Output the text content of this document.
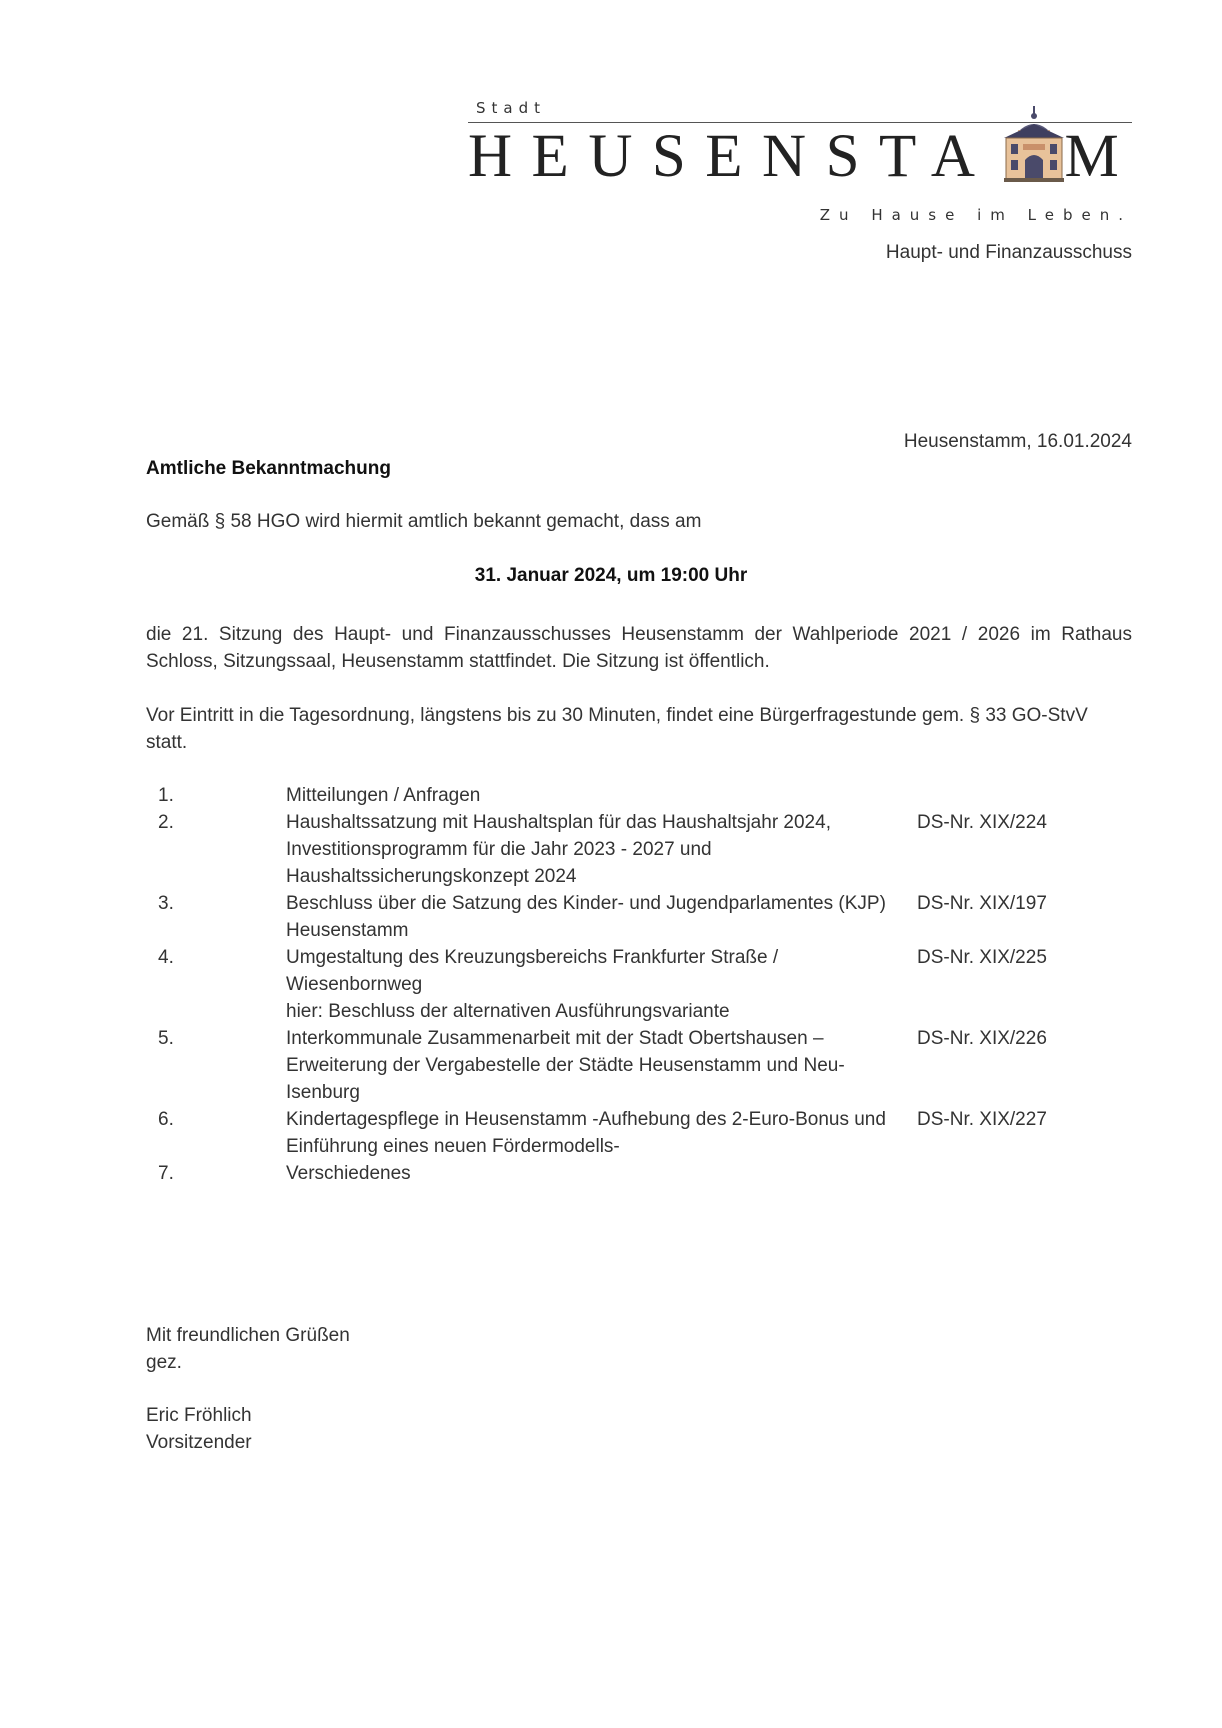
Stadt
HEUSENSTA M
Zu Hause im Leben.
Haupt- und Finanzausschuss
Heusenstamm, 16.01.2024
Amtliche Bekanntmachung
Gemäß § 58 HGO wird hiermit amtlich bekannt gemacht, dass am
31. Januar 2024, um 19:00 Uhr
die 21. Sitzung des Haupt- und Finanzausschusses Heusenstamm der Wahlperiode 2021 / 2026 im Rathaus Schloss, Sitzungssaal, Heusenstamm stattfindet. Die Sitzung ist öffentlich.
Vor Eintritt in die Tagesordnung, längstens bis zu 30 Minuten, findet eine Bürgerfragestunde gem. § 33 GO-StvV statt.
1.	Mitteilungen / Anfragen
2.	Haushaltssatzung mit Haushaltsplan für das Haushaltsjahr 2024,
Investitionsprogramm für die Jahr 2023 - 2027 und
Haushaltssicherungskonzept 2024
DS-Nr. XIX/224
3.	Beschluss über die Satzung des Kinder- und Jugendparlamentes (KJP)
Heusenstamm
DS-Nr. XIX/197
4.	Umgestaltung des Kreuzungsbereichs Frankfurter Straße /
Wiesenbornweg
hier: Beschluss der alternativen Ausführungsvariante
DS-Nr. XIX/225
5.	Interkommunale Zusammenarbeit mit der Stadt Obertshausen –
Erweiterung der Vergabestelle der Städte Heusenstamm und Neu-
Isenburg
DS-Nr. XIX/226
6.	Kindertagespflege in Heusenstamm -Aufhebung des 2-Euro-Bonus und
Einführung eines neuen Fördermodells-
DS-Nr. XIX/227
7.	Verschiedenes
Mit freundlichen Grüßen
gez.
Eric Fröhlich
Vorsitzender
